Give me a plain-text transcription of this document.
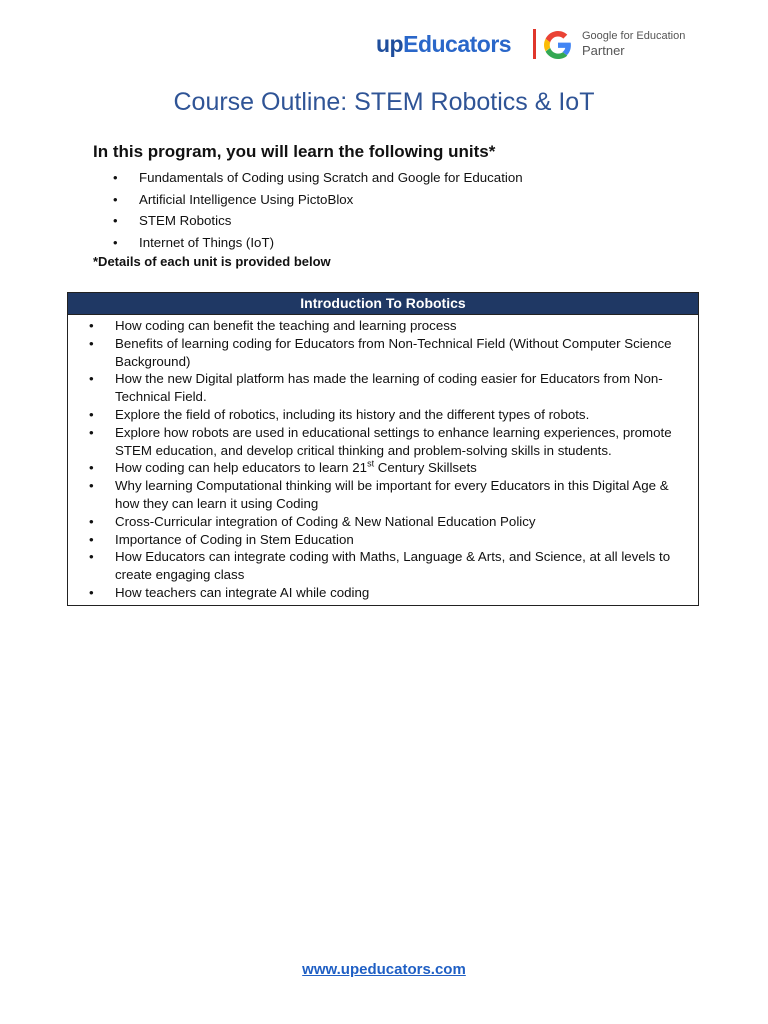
upEducators	Google for Education
Partner
Course Outline: STEM Robotics & IoT
In this program, you will learn the following units*
• Fundamentals of Coding using Scratch and Google for Education
• Artificial Intelligence Using PictoBlox
• STEM Robotics
• Internet of Things (IoT)

*Details of each unit is provided below

Introduction To Robotics
• How coding can benefit the teaching and learning process
• Benefits of learning coding for Educators from Non-Technical Field (Without Computer Science Background)
• How the new Digital platform has made the learning of coding easier for Educators from Non-Technical Field.
• Explore the field of robotics, including its history and the different types of robots.
• Explore how robots are used in educational settings to enhance learning experiences, promote STEM education, and develop critical thinking and problem-solving skills in students.
• How coding can help educators to learn 21st Century Skillsets
• Why learning Computational thinking will be important for every Educators in this Digital Age & how they can learn it using Coding
• Cross-Curricular integration of Coding & New National Education Policy
• Importance of Coding in Stem Education
• How Educators can integrate coding with Maths, Language & Arts, and Science, at all levels to create engaging class
• How teachers can integrate AI while coding
www.upeducators.com
